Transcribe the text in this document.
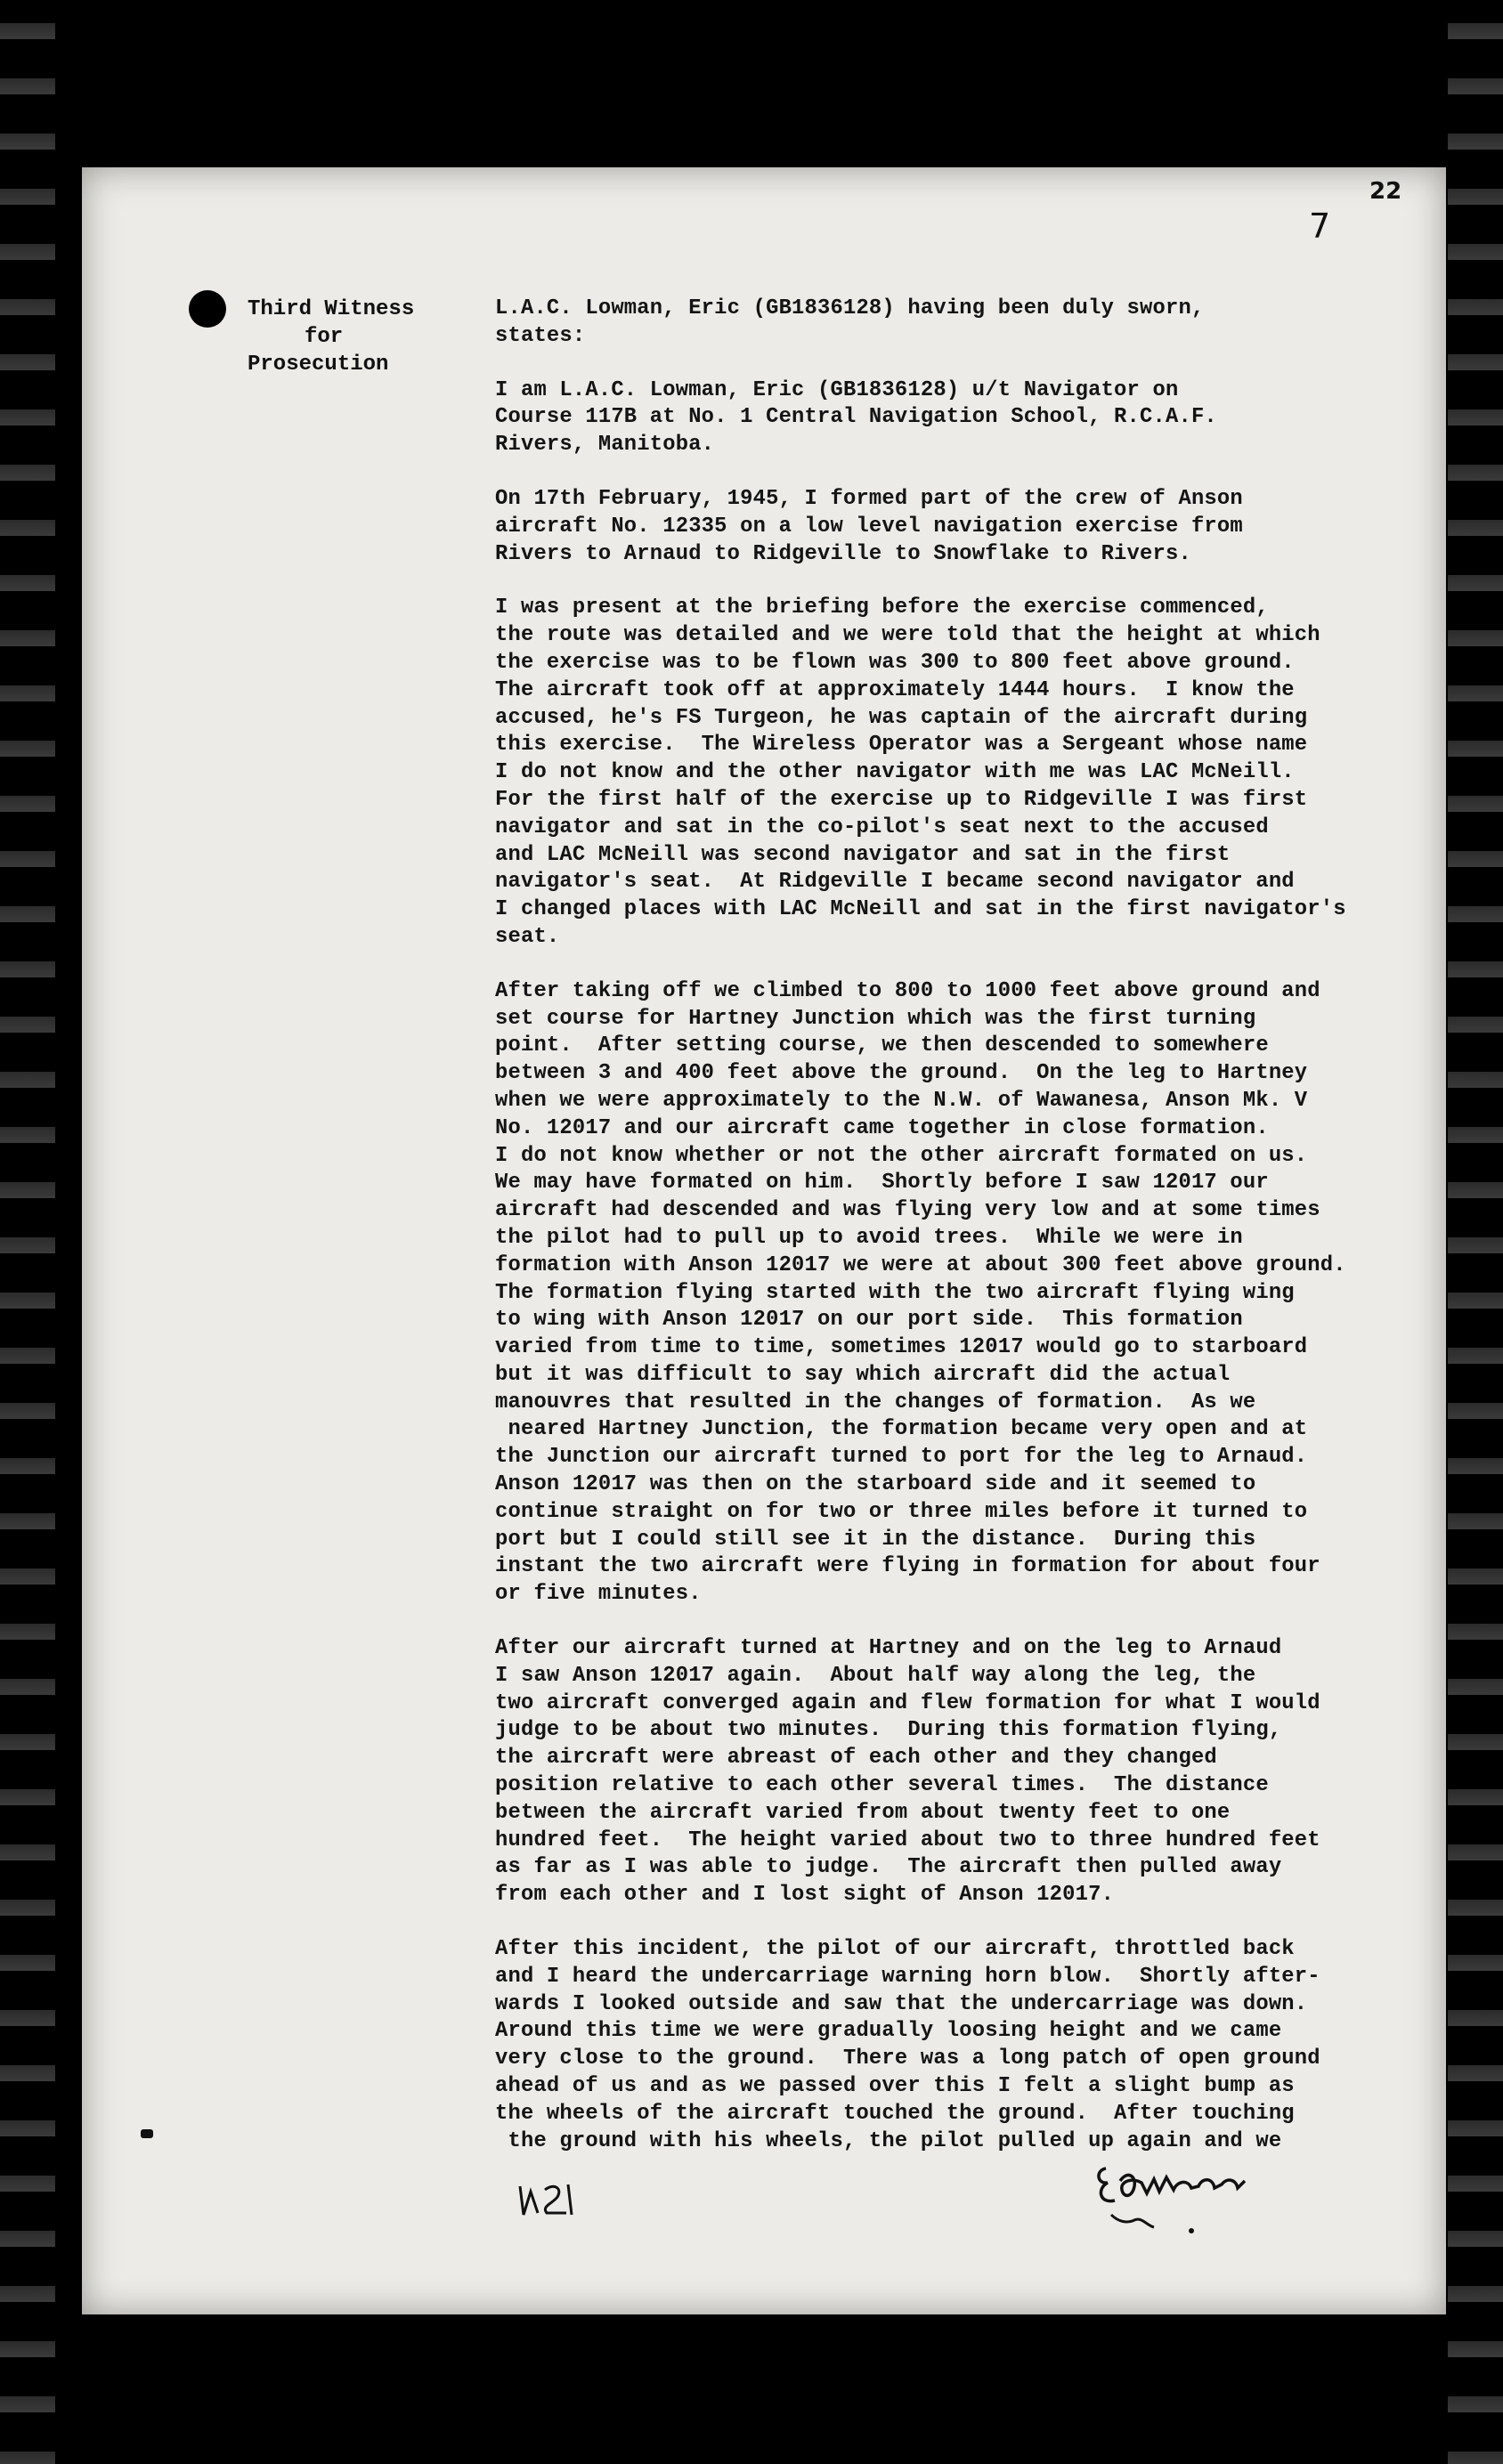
22
7
Third Witness
for
Prosecution
L.A.C. Lowman, Eric (GB1836128) having been duly sworn,
states:
I am L.A.C. Lowman, Eric (GB1836128) u/t Navigator on
Course 117B at No. 1 Central Navigation School, R.C.A.F.
Rivers, Manitoba.
On 17th February, 1945, I formed part of the crew of Anson
aircraft No. 12335 on a low level navigation exercise from
Rivers to Arnaud to Ridgeville to Snowflake to Rivers.
I was present at the briefing before the exercise commenced,
the route was detailed and we were told that the height at which
the exercise was to be flown was 300 to 800 feet above ground.
The aircraft took off at approximately 1444 hours.  I know the
accused, he's FS Turgeon, he was captain of the aircraft during
this exercise.  The Wireless Operator was a Sergeant whose name
I do not know and the other navigator with me was LAC McNeill.
For the first half of the exercise up to Ridgeville I was first
navigator and sat in the co-pilot's seat next to the accused
and LAC McNeill was second navigator and sat in the first
navigator's seat.  At Ridgeville I became second navigator and
I changed places with LAC McNeill and sat in the first navigator's
seat.
After taking off we climbed to 800 to 1000 feet above ground and
set course for Hartney Junction which was the first turning
point.  After setting course, we then descended to somewhere
between 3 and 400 feet above the ground.  On the leg to Hartney
when we were approximately to the N.W. of Wawanesa, Anson Mk. V
No. 12017 and our aircraft came together in close formation.
I do not know whether or not the other aircraft formated on us.
We may have formated on him.  Shortly before I saw 12017 our
aircraft had descended and was flying very low and at some times
the pilot had to pull up to avoid trees.  While we were in
formation with Anson 12017 we were at about 300 feet above ground.
The formation flying started with the two aircraft flying wing
to wing with Anson 12017 on our port side.  This formation
varied from time to time, sometimes 12017 would go to starboard
but it was difficult to say which aircraft did the actual
manouvres that resulted in the changes of formation.  As we
neared Hartney Junction, the formation became very open and at
the Junction our aircraft turned to port for the leg to Arnaud.
Anson 12017 was then on the starboard side and it seemed to
continue straight on for two or three miles before it turned to
port but I could still see it in the distance.  During this
instant the two aircraft were flying in formation for about four
or five minutes.
After our aircraft turned at Hartney and on the leg to Arnaud
I saw Anson 12017 again.  About half way along the leg, the
two aircraft converged again and flew formation for what I would
judge to be about two minutes.  During this formation flying,
the aircraft were abreast of each other and they changed
position relative to each other several times.  The distance
between the aircraft varied from about twenty feet to one
hundred feet.  The height varied about two to three hundred feet
as far as I was able to judge.  The aircraft then pulled away
from each other and I lost sight of Anson 12017.
After this incident, the pilot of our aircraft, throttled back
and I heard the undercarriage warning horn blow.  Shortly after-
wards I looked outside and saw that the undercarriage was down.
Around this time we were gradually loosing height and we came
very close to the ground.  There was a long patch of open ground
ahead of us and as we passed over this I felt a slight bump as
the wheels of the aircraft touched the ground.  After touching
the ground with his wheels, the pilot pulled up again and we
